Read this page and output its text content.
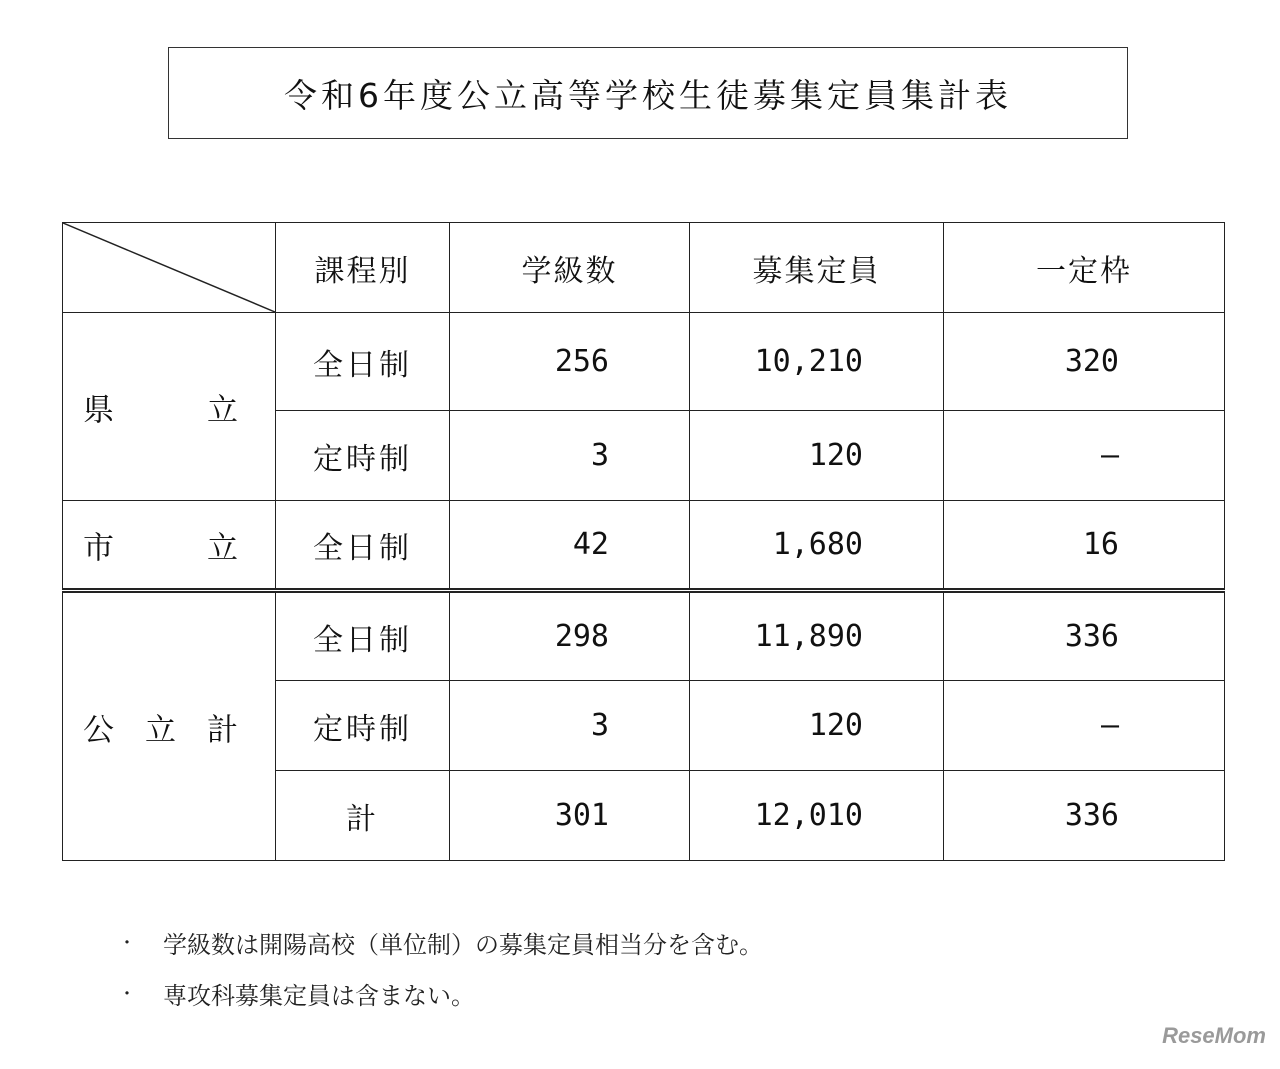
令和6年度公立高等学校生徒募集定員集計表
	課程別	学級数	募集定員	一定枠

県　　　立	全日制	256	10,210	320
	定時制	3	120	—

市　　　立	全日制	42	1,680	16

公　立　計	全日制	298	11,890	336
	定時制	3	120	—
	計	301	12,010	336
・	学級数は開陽高校（単位制）の募集定員相当分を含む。
・	専攻科募集定員は含まない。
ReseMom
